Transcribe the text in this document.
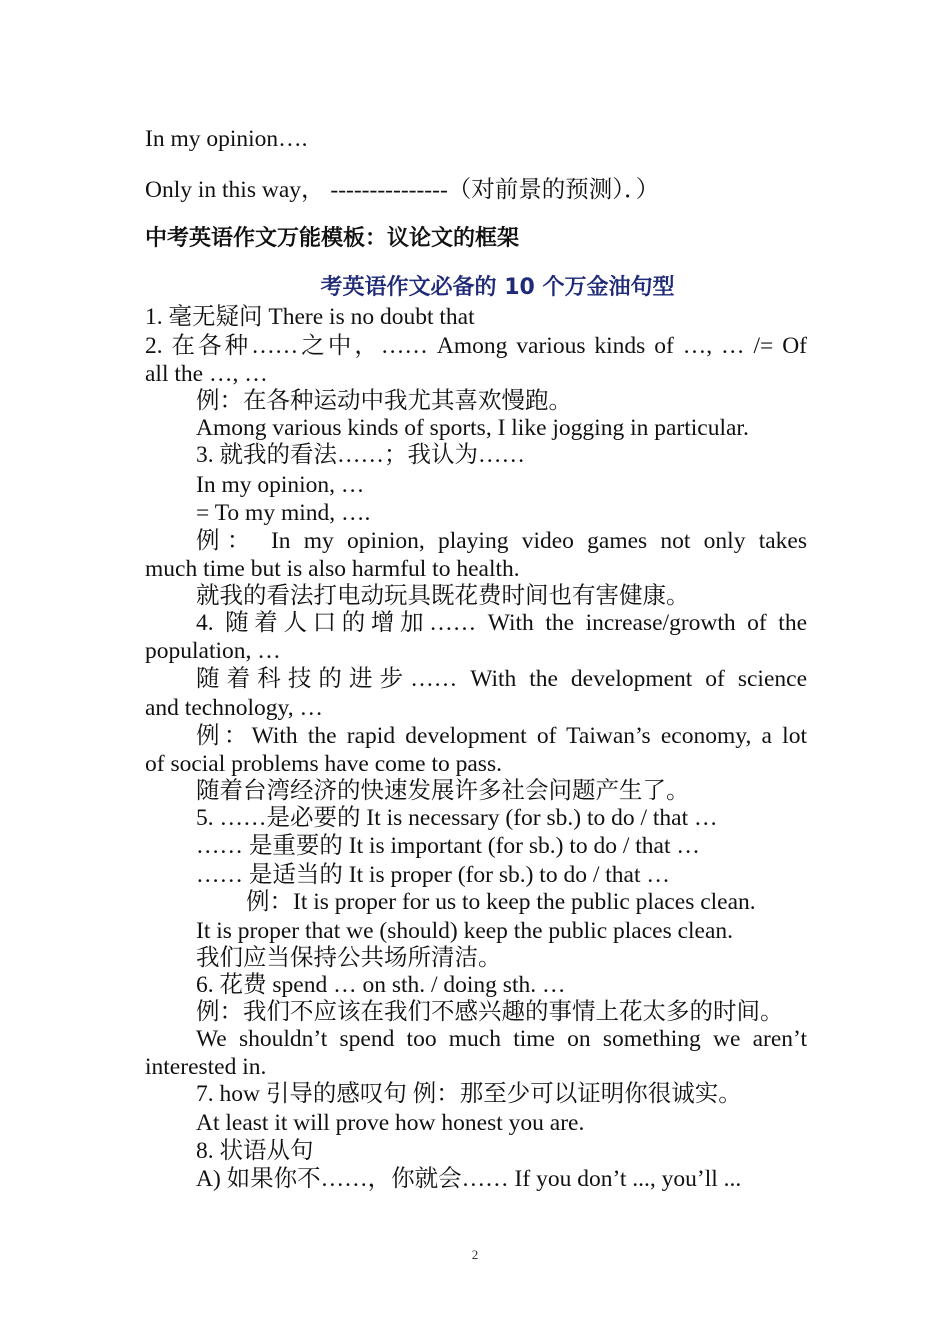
In my opinion….
Only in this way， ---------------（对前景的预测）．）
中考英语作文万能模板：议论文的框架
考英语作文必备的 10 个万金油句型
1. 毫无疑问 There is no doubt that
2. 在各种……之中，…… Among various kinds of …, … /= Of
all the …, …
例：在各种运动中我尤其喜欢慢跑。
Among various kinds of sports, I like jogging in particular.
3. 就我的看法……；我认为……
In my opinion, …
= To my mind, ….
例： In my opinion, playing video games not only takes
much time but is also harmful to health.
就我的看法打电动玩具既花费时间也有害健康。
4. 随着人口的增加…… With the increase/growth of the
population, …
随着科技的进步…… With the development of science
and technology, …
例：With the rapid development of Taiwan’s economy, a lot
of social problems have come to pass.
随着台湾经济的快速发展许多社会问题产生了。
5. ……是必要的 It is necessary (for sb.) to do / that …
…… 是重要的 It is important (for sb.) to do / that …
…… 是适当的 It is proper (for sb.) to do / that …
例：It is proper for us to keep the public places clean.
It is proper that we (should) keep the public places clean.
我们应当保持公共场所清洁。
6. 花费 spend … on sth. / doing sth. …
例：我们不应该在我们不感兴趣的事情上花太多的时间。
We shouldn’t spend too much time on something we aren’t
interested in.
7. how 引导的感叹句 例：那至少可以证明你很诚实。
At least it will prove how honest you are.
8. 状语从句
A) 如果你不……，你就会…… If you don’t ..., you’ll ...
2
